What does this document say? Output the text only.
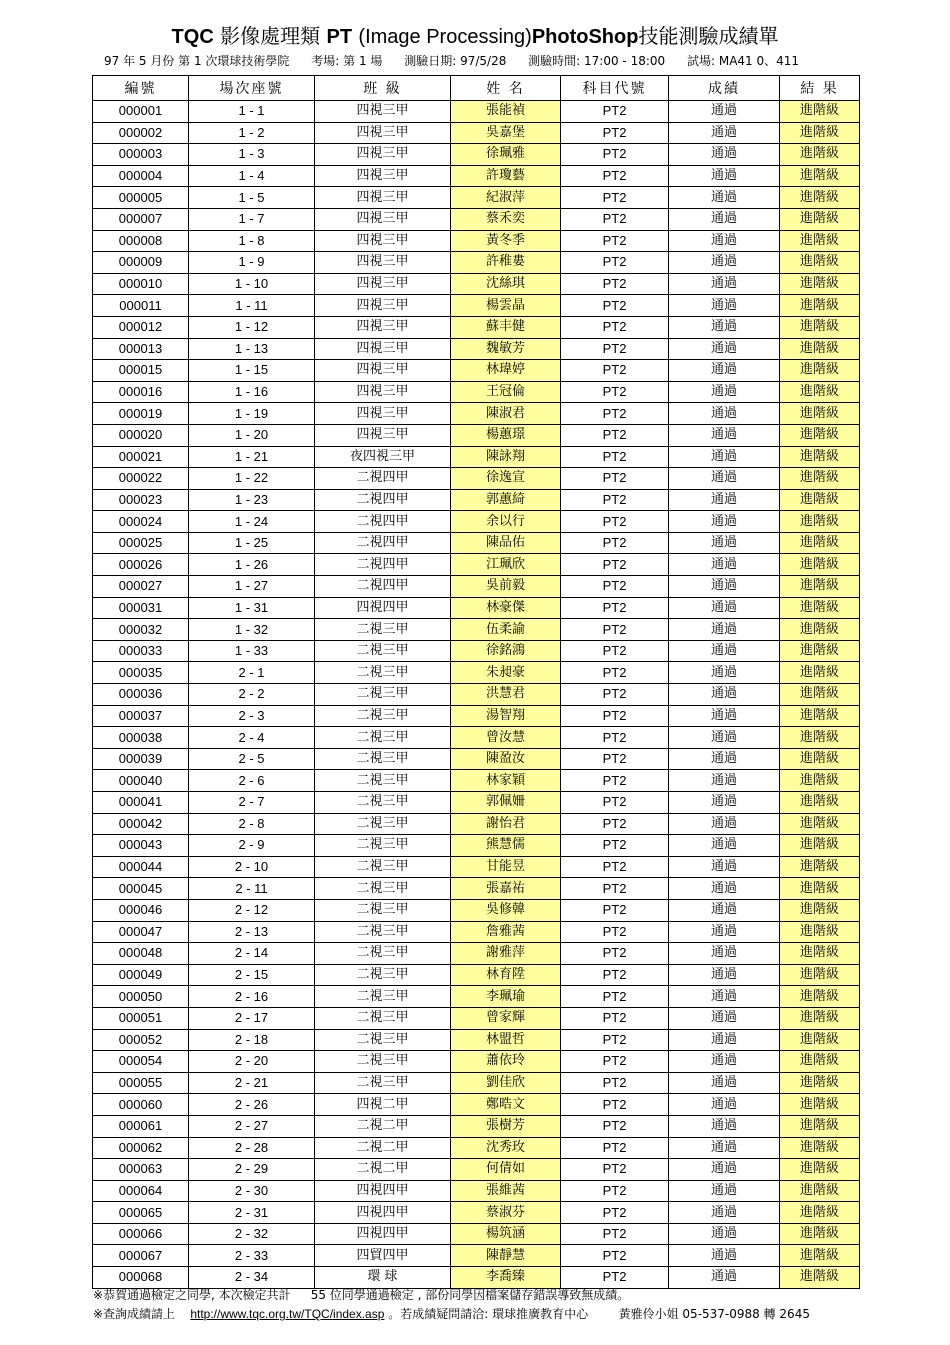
TQC 影像處理類 PT (Image Processing)PhotoShop技能測驗成績單
97 年 5 月份 第 1 次環球技術學院 考場: 第 1 場 測驗日期: 97/5/28 測驗時間: 17:00 - 18:00 試場: MA41 0、411
編號	場次座號	班 級	姓 名	科目代號	成績	結 果
000001	1 - 1	四視三甲	張能禎	PT2	通過	進階級
000002	1 - 2	四視三甲	吳嘉堡	PT2	通過	進階級
000003	1 - 3	四視三甲	徐珮雅	PT2	通過	進階級
000004	1 - 4	四視三甲	許瓊藝	PT2	通過	進階級
000005	1 - 5	四視三甲	紀淑萍	PT2	通過	進階級
000007	1 - 7	四視三甲	蔡禾奕	PT2	通過	進階級
000008	1 - 8	四視三甲	黃冬季	PT2	通過	進階級
000009	1 - 9	四視三甲	許稚婁	PT2	通過	進階級
000010	1 - 10	四視三甲	沈絲琪	PT2	通過	進階級
000011	1 - 11	四視三甲	楊雲晶	PT2	通過	進階級
000012	1 - 12	四視三甲	蘇丰健	PT2	通過	進階級
000013	1 - 13	四視三甲	魏敏芳	PT2	通過	進階級
000015	1 - 15	四視三甲	林瑋婷	PT2	通過	進階級
000016	1 - 16	四視三甲	王冠倫	PT2	通過	進階級
000019	1 - 19	四視三甲	陳淑君	PT2	通過	進階級
000020	1 - 20	四視三甲	楊蕙璟	PT2	通過	進階級
000021	1 - 21	夜四視三甲	陳詠翔	PT2	通過	進階級
000022	1 - 22	二視四甲	徐逸宣	PT2	通過	進階級
000023	1 - 23	二視四甲	郭蕙綺	PT2	通過	進階級
000024	1 - 24	二視四甲	余以行	PT2	通過	進階級
000025	1 - 25	二視四甲	陳品佑	PT2	通過	進階級
000026	1 - 26	二視四甲	江珮欣	PT2	通過	進階級
000027	1 - 27	二視四甲	吳前毅	PT2	通過	進階級
000031	1 - 31	四視四甲	林豪傑	PT2	通過	進階級
000032	1 - 32	二視三甲	伍柔諭	PT2	通過	進階級
000033	1 - 33	二視三甲	徐銘鴻	PT2	通過	進階級
000035	2 - 1	二視三甲	朱昶豪	PT2	通過	進階級
000036	2 - 2	二視三甲	洪慧君	PT2	通過	進階級
000037	2 - 3	二視三甲	湯智翔	PT2	通過	進階級
000038	2 - 4	二視三甲	曾汝慧	PT2	通過	進階級
000039	2 - 5	二視三甲	陳盈汝	PT2	通過	進階級
000040	2 - 6	二視三甲	林家穎	PT2	通過	進階級
000041	2 - 7	二視三甲	郭佩姍	PT2	通過	進階級
000042	2 - 8	二視三甲	謝怡君	PT2	通過	進階級
000043	2 - 9	二視三甲	熊慧儒	PT2	通過	進階級
000044	2 - 10	二視三甲	甘能昱	PT2	通過	進階級
000045	2 - 11	二視三甲	張嘉祐	PT2	通過	進階級
000046	2 - 12	二視三甲	吳修韓	PT2	通過	進階級
000047	2 - 13	二視三甲	詹雅茜	PT2	通過	進階級
000048	2 - 14	二視三甲	謝雅萍	PT2	通過	進階級
000049	2 - 15	二視三甲	林育陞	PT2	通過	進階級
000050	2 - 16	二視三甲	李珮瑜	PT2	通過	進階級
000051	2 - 17	二視三甲	曾家輝	PT2	通過	進階級
000052	2 - 18	二視三甲	林盟哲	PT2	通過	進階級
000054	2 - 20	二視三甲	蕭依玲	PT2	通過	進階級
000055	2 - 21	二視三甲	劉佳欣	PT2	通過	進階級
000060	2 - 26	四視二甲	鄭晧文	PT2	通過	進階級
000061	2 - 27	二視二甲	張樹芳	PT2	通過	進階級
000062	2 - 28	二視二甲	沈秀玫	PT2	通過	進階級
000063	2 - 29	二視二甲	何倩如	PT2	通過	進階級
000064	2 - 30	四視四甲	張維茜	PT2	通過	進階級
000065	2 - 31	四視四甲	蔡淑芬	PT2	通過	進階級
000066	2 - 32	四視四甲	楊筑涵	PT2	通過	進階級
000067	2 - 33	四貿四甲	陳靜慧	PT2	通過	進階級
000068	2 - 34	環 球	李喬臻	PT2	通過	進階級
※恭賀通過檢定之同學, 本次檢定共計 55 位同學通過檢定 , 部份同學因檔案儲存錯誤導致無成績。
※查詢成績請上 http://www.tqc.org.tw/TQC/index.asp 。若成績疑問請洽: 環球推廣教育中心	黃雅伶小姐 05-537-0988 轉 2645
